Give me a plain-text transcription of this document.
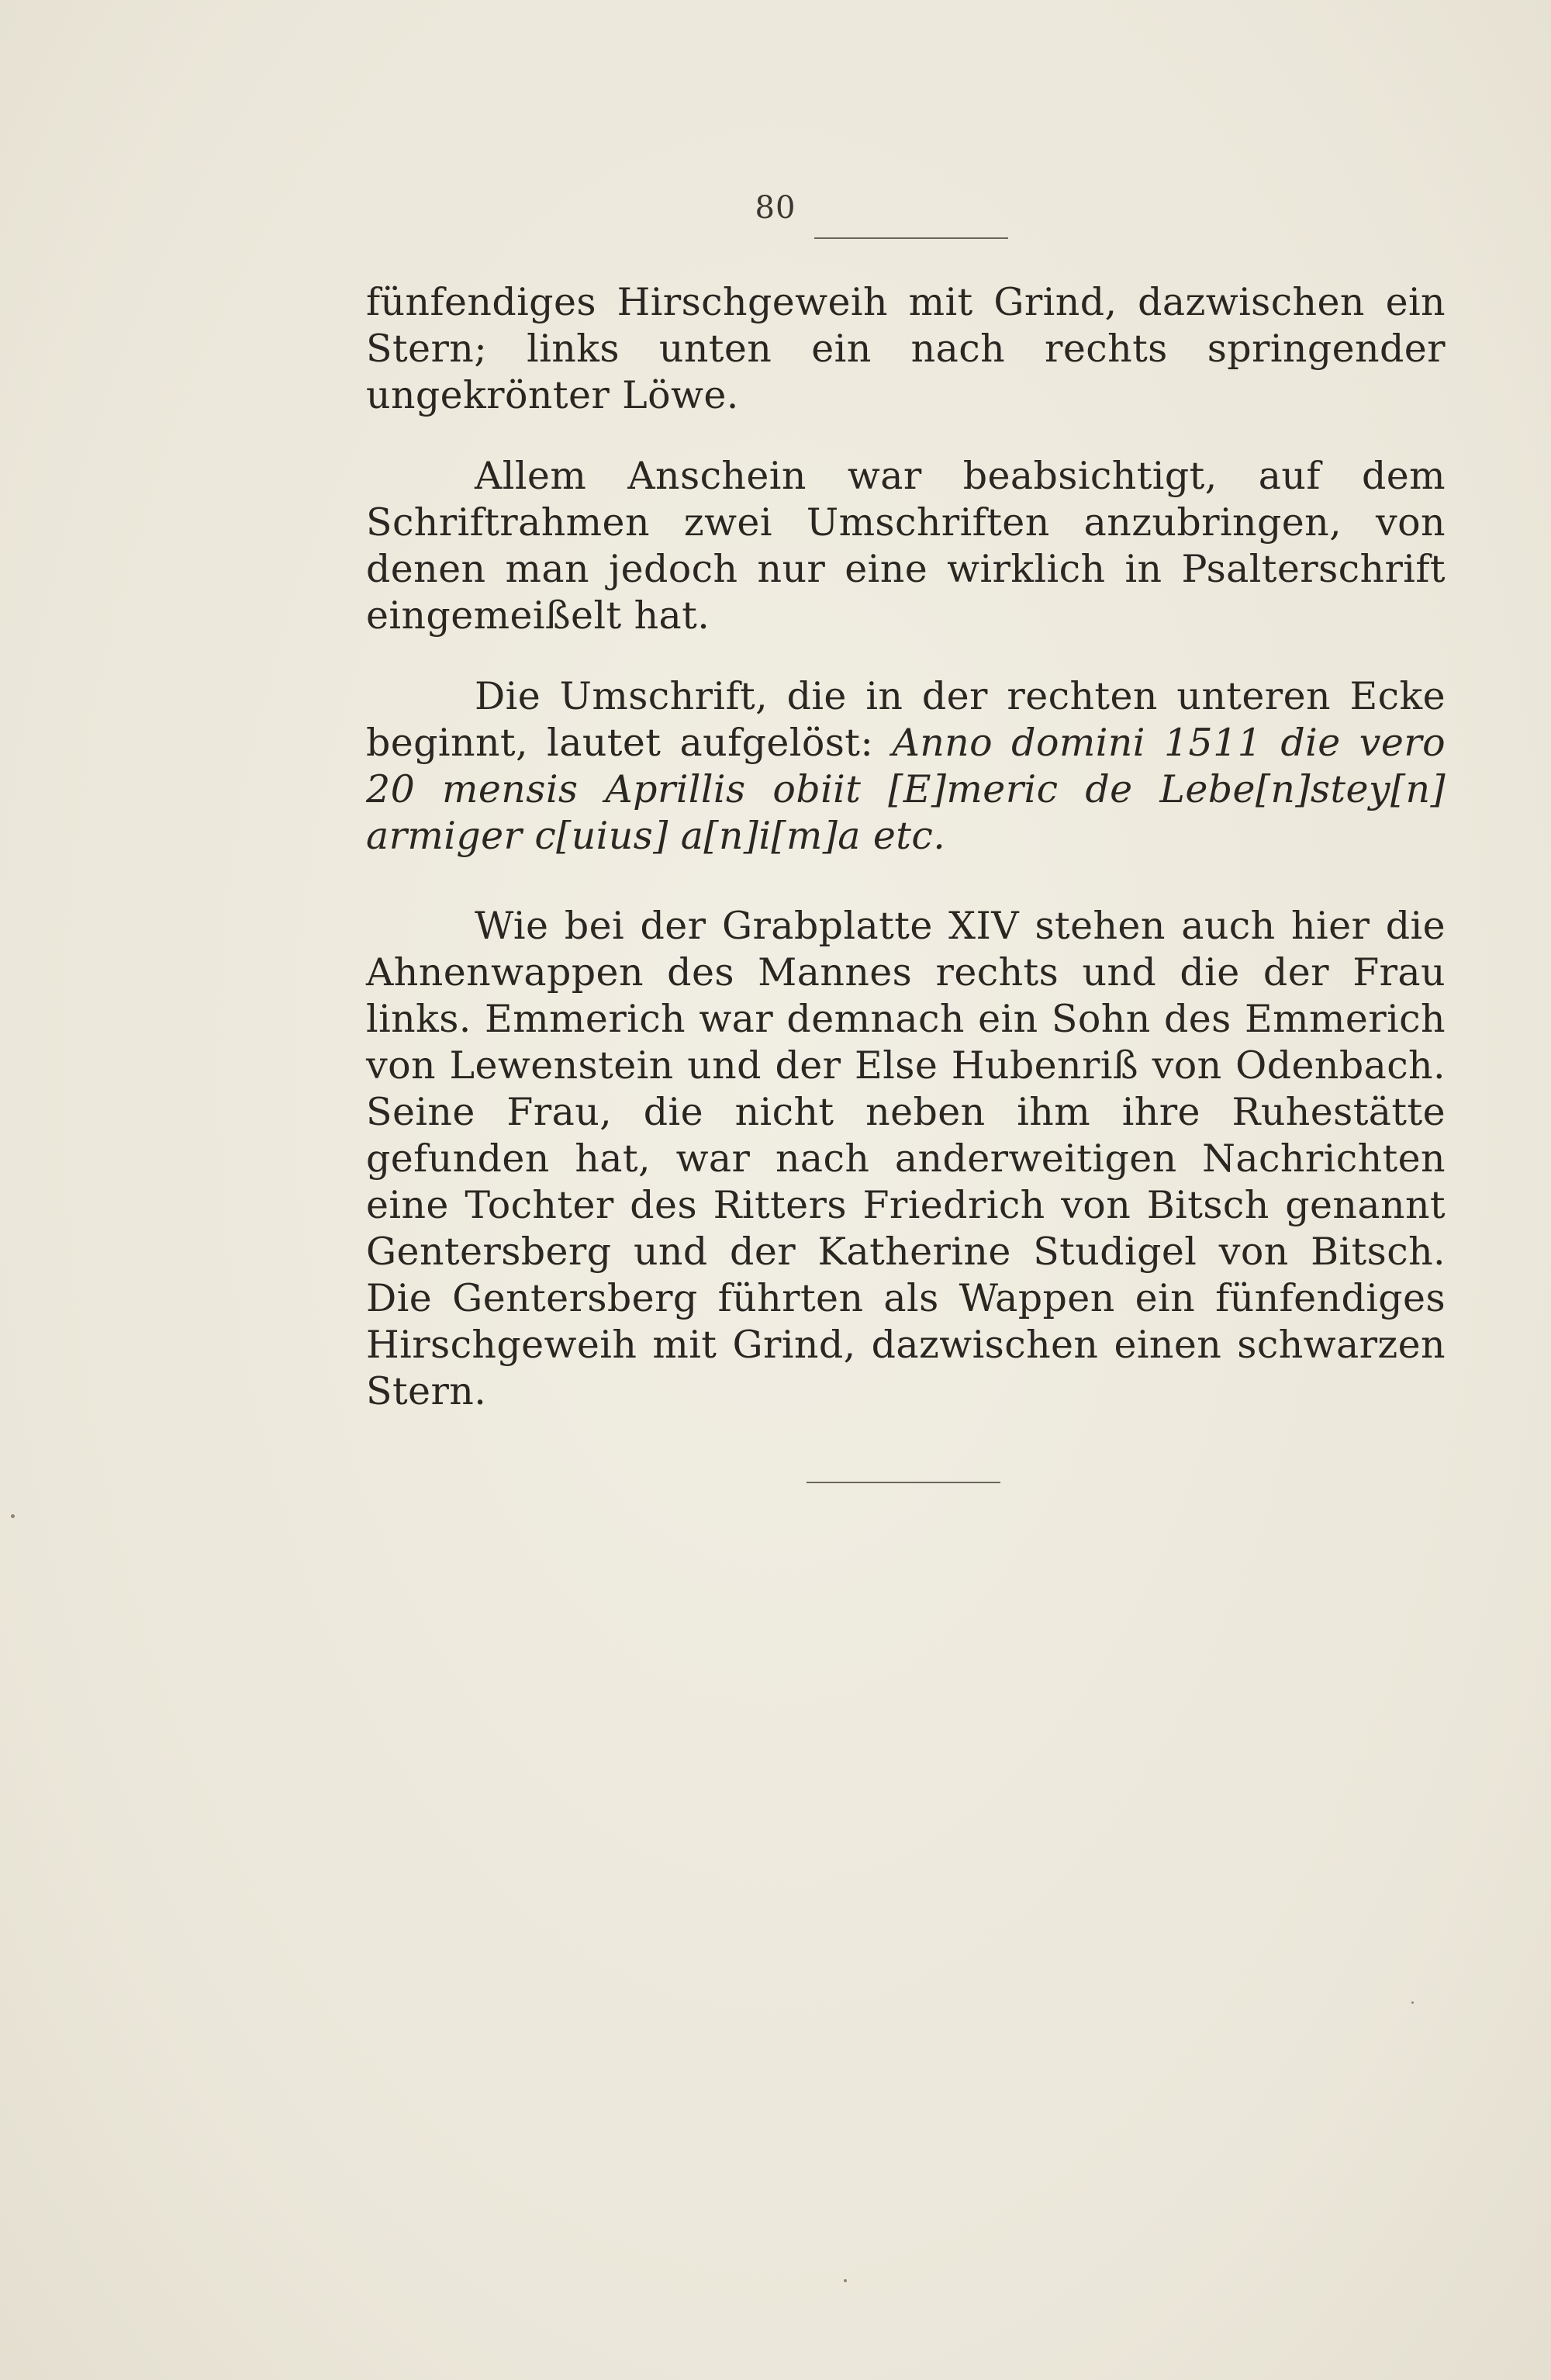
80

fünfendiges Hirschgeweih mit Grind, dazwischen ein Stern; links unten ein nach rechts springender ungekrönter Löwe.

Allem Anschein war beabsichtigt, auf dem Schriftrahmen zwei Umschriften anzubringen, von denen man jedoch nur eine wirklich in Psalterschrift eingemeißelt hat.

Die Umschrift, die in der rechten unteren Ecke beginnt, lautet aufgelöst: Anno domini 1511 die vero 20 mensis Aprillis obiit [E]meric de Lebe[n]stey[n] armiger c[uius] a[n]i[m]a etc.

Wie bei der Grabplatte XIV stehen auch hier die Ahnenwappen des Mannes rechts und die der Frau links. Emmerich war demnach ein Sohn des Emmerich von Lewenstein und der Else Hubenriß von Odenbach. Seine Frau, die nicht neben ihm ihre Ruhestätte gefunden hat, war nach anderweitigen Nachrichten eine Tochter des Ritters Friedrich von Bitsch genannt Gentersberg und der Katherine Studigel von Bitsch. Die Gentersberg führten als Wappen ein fünfendiges Hirschgeweih mit Grind, dazwischen einen schwarzen Stern.
